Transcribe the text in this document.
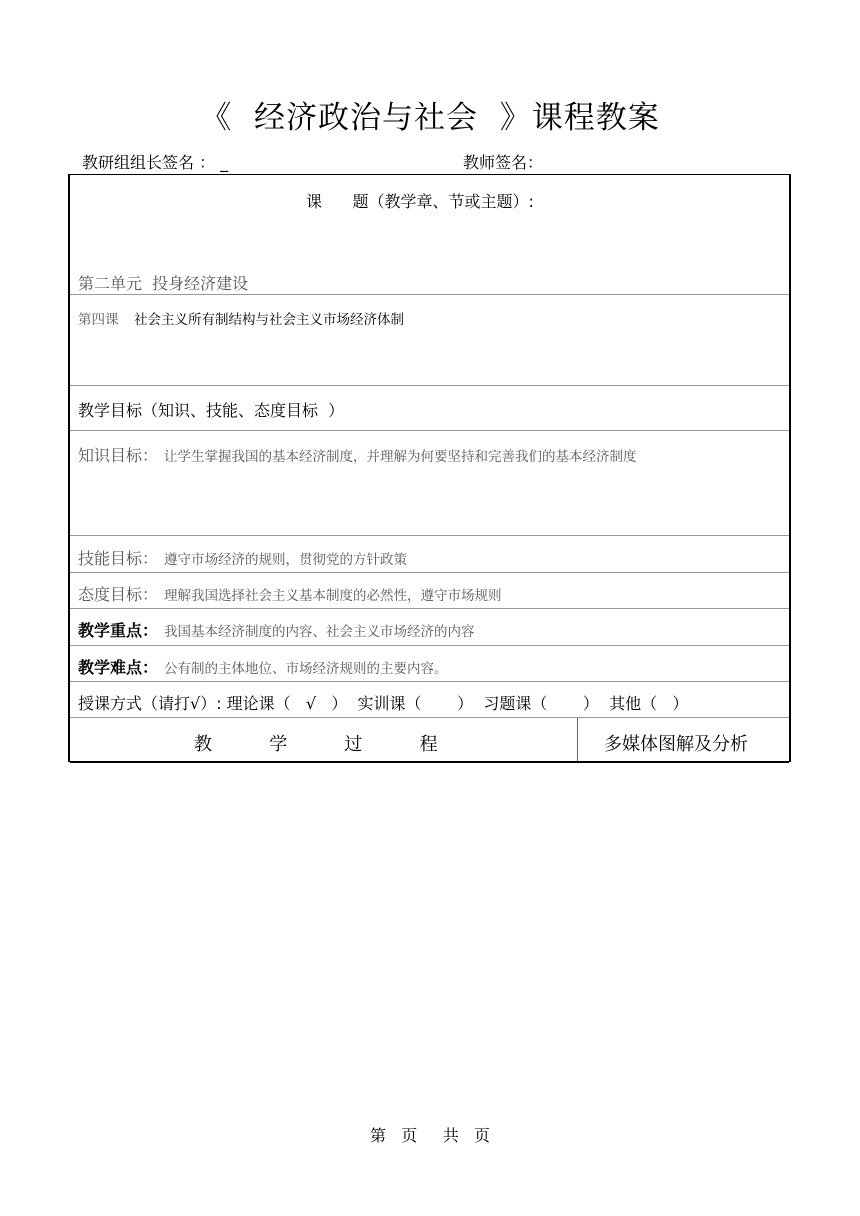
《  经济政治与社会  》课程教案
教研组组长签名 ： _	教师签名：
课      题（教学章、节或主题）:
第二单元  投身经济建设
第四课 社会主义所有制结构与社会主义市场经济体制
教学目标（知识、技能、态度目标  ）
知识目标： 让学生掌握我国的基本经济制度，并理解为何要坚持和完善我们的基本经济制度
技能目标： 遵守市场经济的规则，贯彻党的方针政策
态度目标： 理解我国选择社会主义基本制度的必然性，遵守市场规则
教学重点： 我国基本经济制度的内容、社会主义市场经济的内容
教学难点： 公有制的主体地位、市场经济规则的主要内容。
授课方式（请打√）: 理论课（   √   ）  实训课（       ）  习题课（       ）  其他（   ）
教          学          过          程	多媒体图解及分析
第   页     共   页
